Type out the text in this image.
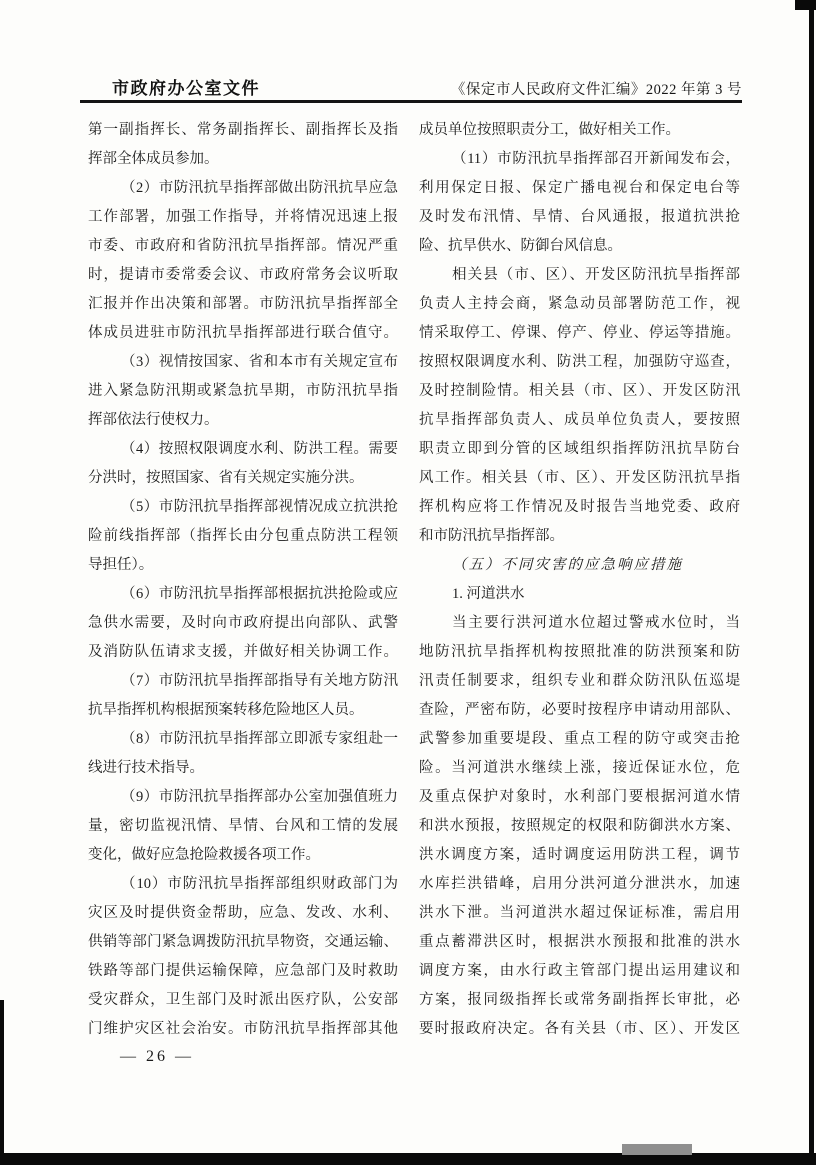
市政府办公室文件	《保定市人民政府文件汇编》2022 年第 3 号
第一副指挥长、常务副指挥长、副指挥长及指
挥部全体成员参加。
（2）市防汛抗旱指挥部做出防汛抗旱应急
工作部署，加强工作指导，并将情况迅速上报
市委、市政府和省防汛抗旱指挥部。情况严重
时，提请市委常委会议、市政府常务会议听取
汇报并作出决策和部署。市防汛抗旱指挥部全
体成员进驻市防汛抗旱指挥部进行联合值守。
（3）视情按国家、省和本市有关规定宣布
进入紧急防汛期或紧急抗旱期，市防汛抗旱指
挥部依法行使权力。
（4）按照权限调度水利、防洪工程。需要
分洪时，按照国家、省有关规定实施分洪。
（5）市防汛抗旱指挥部视情况成立抗洪抢
险前线指挥部（指挥长由分包重点防洪工程领
导担任）。
（6）市防汛抗旱指挥部根据抗洪抢险或应
急供水需要，及时向市政府提出向部队、武警
及消防队伍请求支援，并做好相关协调工作。
（7）市防汛抗旱指挥部指导有关地方防汛
抗旱指挥机构根据预案转移危险地区人员。
（8）市防汛抗旱指挥部立即派专家组赴一
线进行技术指导。
（9）市防汛抗旱指挥部办公室加强值班力
量，密切监视汛情、旱情、台风和工情的发展
变化，做好应急抢险救援各项工作。
（10）市防汛抗旱指挥部组织财政部门为
灾区及时提供资金帮助，应急、发改、水利、
供销等部门紧急调拨防汛抗旱物资，交通运输、
铁路等部门提供运输保障，应急部门及时救助
受灾群众，卫生部门及时派出医疗队，公安部
门维护灾区社会治安。市防汛抗旱指挥部其他
成员单位按照职责分工，做好相关工作。
（11）市防汛抗旱指挥部召开新闻发布会，
利用保定日报、保定广播电视台和保定电台等
及时发布汛情、旱情、台风通报，报道抗洪抢
险、抗旱供水、防御台风信息。
相关县（市、区）、开发区防汛抗旱指挥部
负责人主持会商，紧急动员部署防范工作，视
情采取停工、停课、停产、停业、停运等措施。
按照权限调度水利、防洪工程，加强防守巡查，
及时控制险情。相关县（市、区）、开发区防汛
抗旱指挥部负责人、成员单位负责人，要按照
职责立即到分管的区域组织指挥防汛抗旱防台
风工作。相关县（市、区）、开发区防汛抗旱指
挥机构应将工作情况及时报告当地党委、政府
和市防汛抗旱指挥部。
（五）不同灾害的应急响应措施
1. 河道洪水
当主要行洪河道水位超过警戒水位时，当
地防汛抗旱指挥机构按照批准的防洪预案和防
汛责任制要求，组织专业和群众防汛队伍巡堤
查险，严密布防，必要时按程序申请动用部队、
武警参加重要堤段、重点工程的防守或突击抢
险。当河道洪水继续上涨，接近保证水位，危
及重点保护对象时，水利部门要根据河道水情
和洪水预报，按照规定的权限和防御洪水方案、
洪水调度方案，适时调度运用防洪工程，调节
水库拦洪错峰，启用分洪河道分泄洪水，加速
洪水下泄。当河道洪水超过保证标准，需启用
重点蓄滞洪区时，根据洪水预报和批准的洪水
调度方案，由水行政主管部门提出运用建议和
方案，报同级指挥长或常务副指挥长审批，必
要时报政府决定。各有关县（市、区）、开发区
— 26 —
